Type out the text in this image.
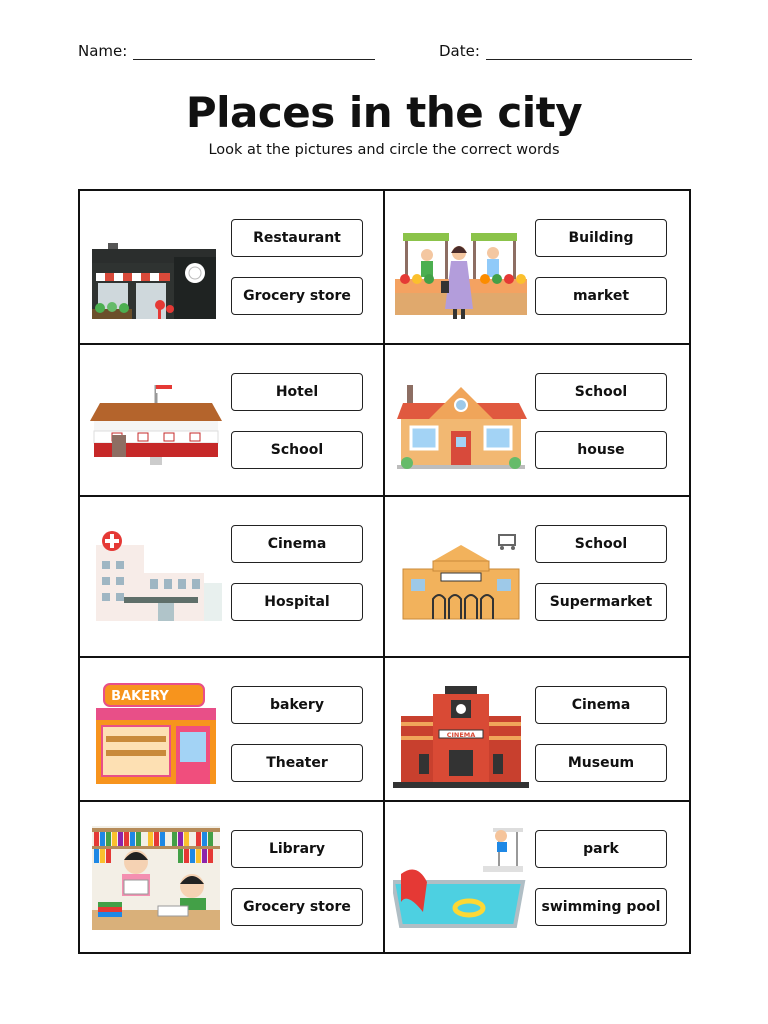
Name:	Date:
Places in the city
Look at the pictures and circle the correct words
Restaurant
Grocery store
Building
market
Hotel
School
School
house
Cinema
Hospital
School
Supermarket
BAKERY
bakery
Theater
CINEMA
Cinema
Museum
Library
Grocery store
park
swimming pool
